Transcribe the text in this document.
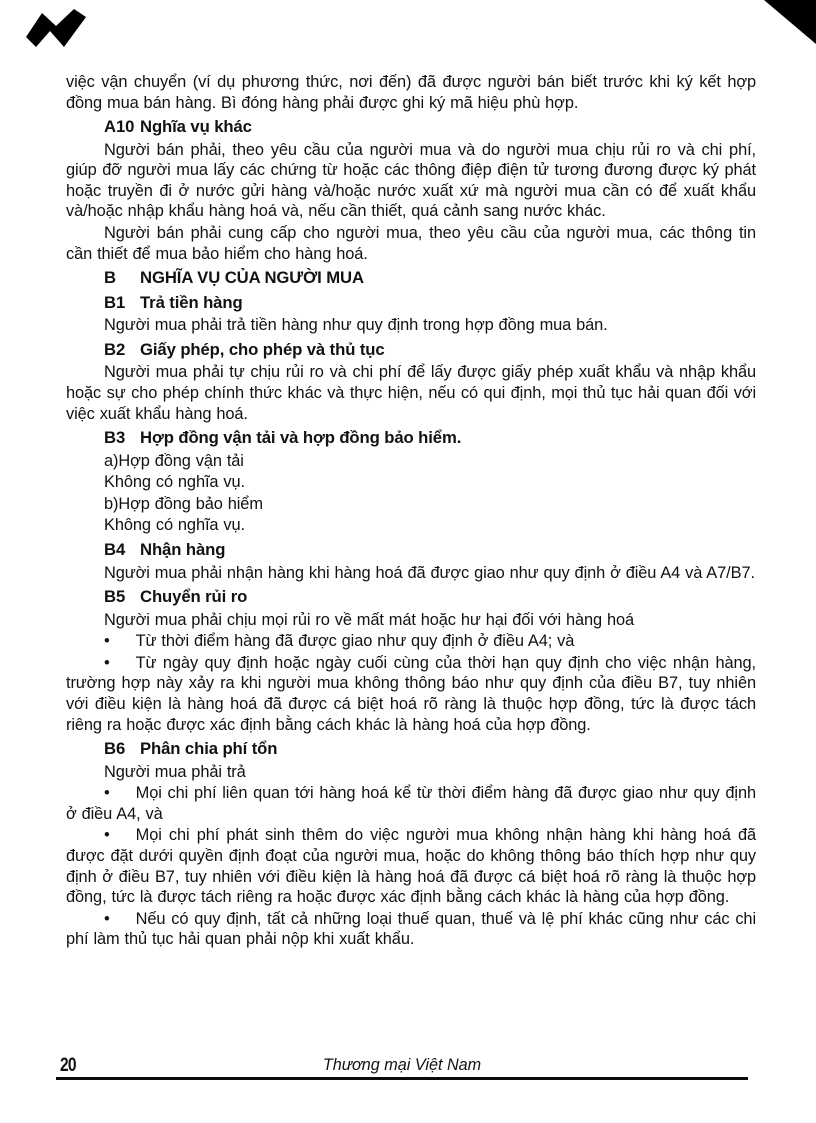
việc vận chuyển (ví dụ phương thức, nơi đến) đã được người bán biết trước khi ký kết hợp đồng mua bán hàng. Bì đóng hàng phải được ghi ký mã hiệu phù hợp.

A10 Nghĩa vụ khác

Người bán phải, theo yêu cầu của người mua và do người mua chịu rủi ro và chi phí, giúp đỡ người mua lấy các chứng từ hoặc các thông điệp điện tử tương đương được ký phát hoặc truyền đi ở nước gửi hàng và/hoặc nước xuất xứ mà người mua cần có để xuất khẩu và/hoặc nhập khẩu hàng hoá và, nếu cần thiết, quá cảnh sang nước khác.

Người bán phải cung cấp cho người mua, theo yêu cầu của người mua, các thông tin cần thiết để mua bảo hiểm cho hàng hoá.

B NGHĨA VỤ CỦA NGƯỜI MUA
B1 Trả tiền hàng

Người mua phải trả tiền hàng như quy định trong hợp đồng mua bán.

B2 Giấy phép, cho phép và thủ tục

Người mua phải tự chịu rủi ro và chi phí để lấy được giấy phép xuất khẩu và nhập khẩu hoặc sự cho phép chính thức khác và thực hiện, nếu có qui định, mọi thủ tục hải quan đối với việc xuất khẩu hàng hoá.

B3 Hợp đồng vận tải và hợp đồng bảo hiểm.

a)Hợp đồng vận tải

Không có nghĩa vụ.

b)Hợp đồng bảo hiểm

Không có nghĩa vụ.

B4 Nhận hàng

Người mua phải nhận hàng khi hàng hoá đã được giao như quy định ở điều A4 và A7/B7.

B5 Chuyển rủi ro

Người mua phải chịu mọi rủi ro về mất mát hoặc hư hại đối với hàng hoá

• Từ thời điểm hàng đã được giao như quy định ở điều A4; và

• Từ ngày quy định hoặc ngày cuối cùng của thời hạn quy định cho việc nhận hàng, trường hợp này xảy ra khi người mua không thông báo như quy định của điều B7, tuy nhiên với điều kiện là hàng hoá đã được cá biệt hoá rõ ràng là thuộc hợp đồng, tức là được tách riêng ra hoặc được xác định bằng cách khác là hàng hoá của hợp đồng.

B6 Phân chia phí tổn

Người mua phải trả

• Mọi chi phí liên quan tới hàng hoá kể từ thời điểm hàng đã được giao như quy định ở điều A4, và

• Mọi chi phí phát sinh thêm do việc người mua không nhận hàng khi hàng hoá đã được đặt dưới quyền định đoạt của người mua, hoặc do không thông báo thích hợp như quy định ở điều B7, tuy nhiên với điều kiện là hàng hoá đã được cá biệt hoá rõ ràng là thuộc hợp đồng, tức là được tách riêng ra hoặc được xác định bằng cách khác là hàng của hợp đồng.

• Nếu có quy định, tất cả những loại thuế quan, thuế và lệ phí khác cũng như các chi phí làm thủ tục hải quan phải nộp khi xuất khẩu.

20	Thương mại Việt Nam
